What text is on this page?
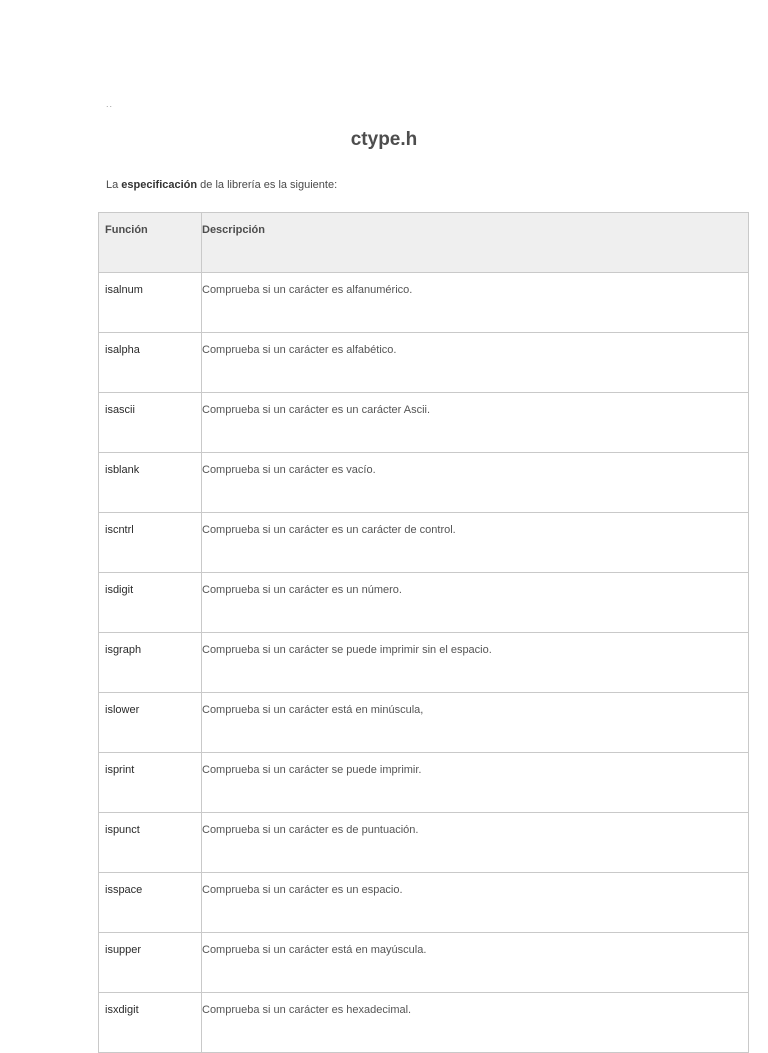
..
ctype.h

La especificación de la librería es la siguiente:

Función	Descripción
isalnum	Comprueba si un carácter es alfanumérico.
isalpha	Comprueba si un carácter es alfabético.
isascii	Comprueba si un carácter es un carácter Ascii.
isblank	Comprueba si un carácter es vacío.
iscntrl	Comprueba si un carácter es un carácter de control.
isdigit	Comprueba si un carácter es un número.
isgraph	Comprueba si un carácter se puede imprimir sin el espacio.
islower	Comprueba si un carácter está en minúscula,
isprint	Comprueba si un carácter se puede imprimir.
ispunct	Comprueba si un carácter es de puntuación.
isspace	Comprueba si un carácter es un espacio.
isupper	Comprueba si un carácter está en mayúscula.
isxdigit	Comprueba si un carácter es hexadecimal.
